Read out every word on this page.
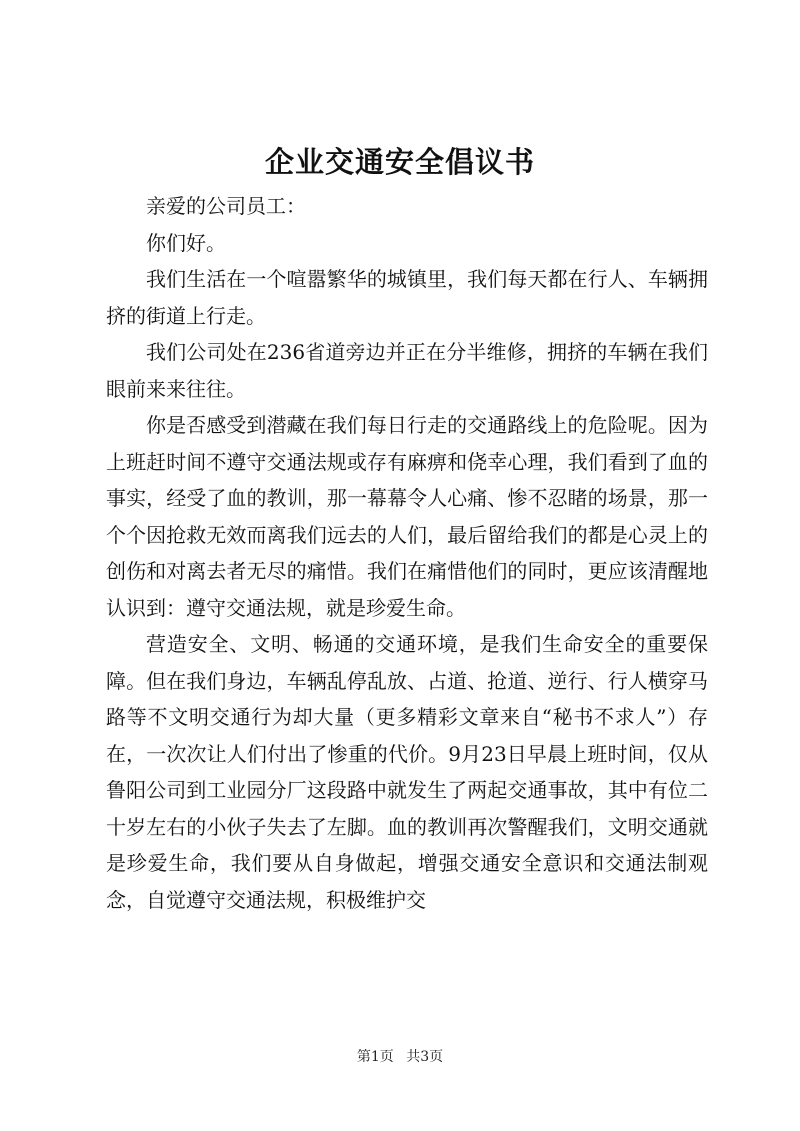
企业交通安全倡议书

亲爱的公司员工：

你们好。

我们生活在一个喧嚣繁华的城镇里，我们每天都在行人、车辆拥挤的街道上行走。

我们公司处在236省道旁边并正在分半维修，拥挤的车辆在我们眼前来来往往。

你是否感受到潜藏在我们每日行走的交通路线上的危险呢。因为上班赶时间不遵守交通法规或存有麻痹和侥幸心理，我们看到了血的事实，经受了血的教训，那一幕幕令人心痛、惨不忍睹的场景，那一个个因抢救无效而离我们远去的人们，最后留给我们的都是心灵上的创伤和对离去者无尽的痛惜。我们在痛惜他们的同时，更应该清醒地认识到：遵守交通法规，就是珍爱生命。

营造安全、文明、畅通的交通环境，是我们生命安全的重要保障。但在我们身边，车辆乱停乱放、占道、抢道、逆行、行人横穿马路等不文明交通行为却大量（更多精彩文章来自“秘书不求人”）存在，一次次让人们付出了惨重的代价。9月23日早晨上班时间，仅从鲁阳公司到工业园分厂这段路中就发生了两起交通事故，其中有位二十岁左右的小伙子失去了左脚。血的教训再次警醒我们，文明交通就是珍爱生命，我们要从自身做起，增强交通安全意识和交通法制观念，自觉遵守交通法规，积极维护交

第1页 共3页
